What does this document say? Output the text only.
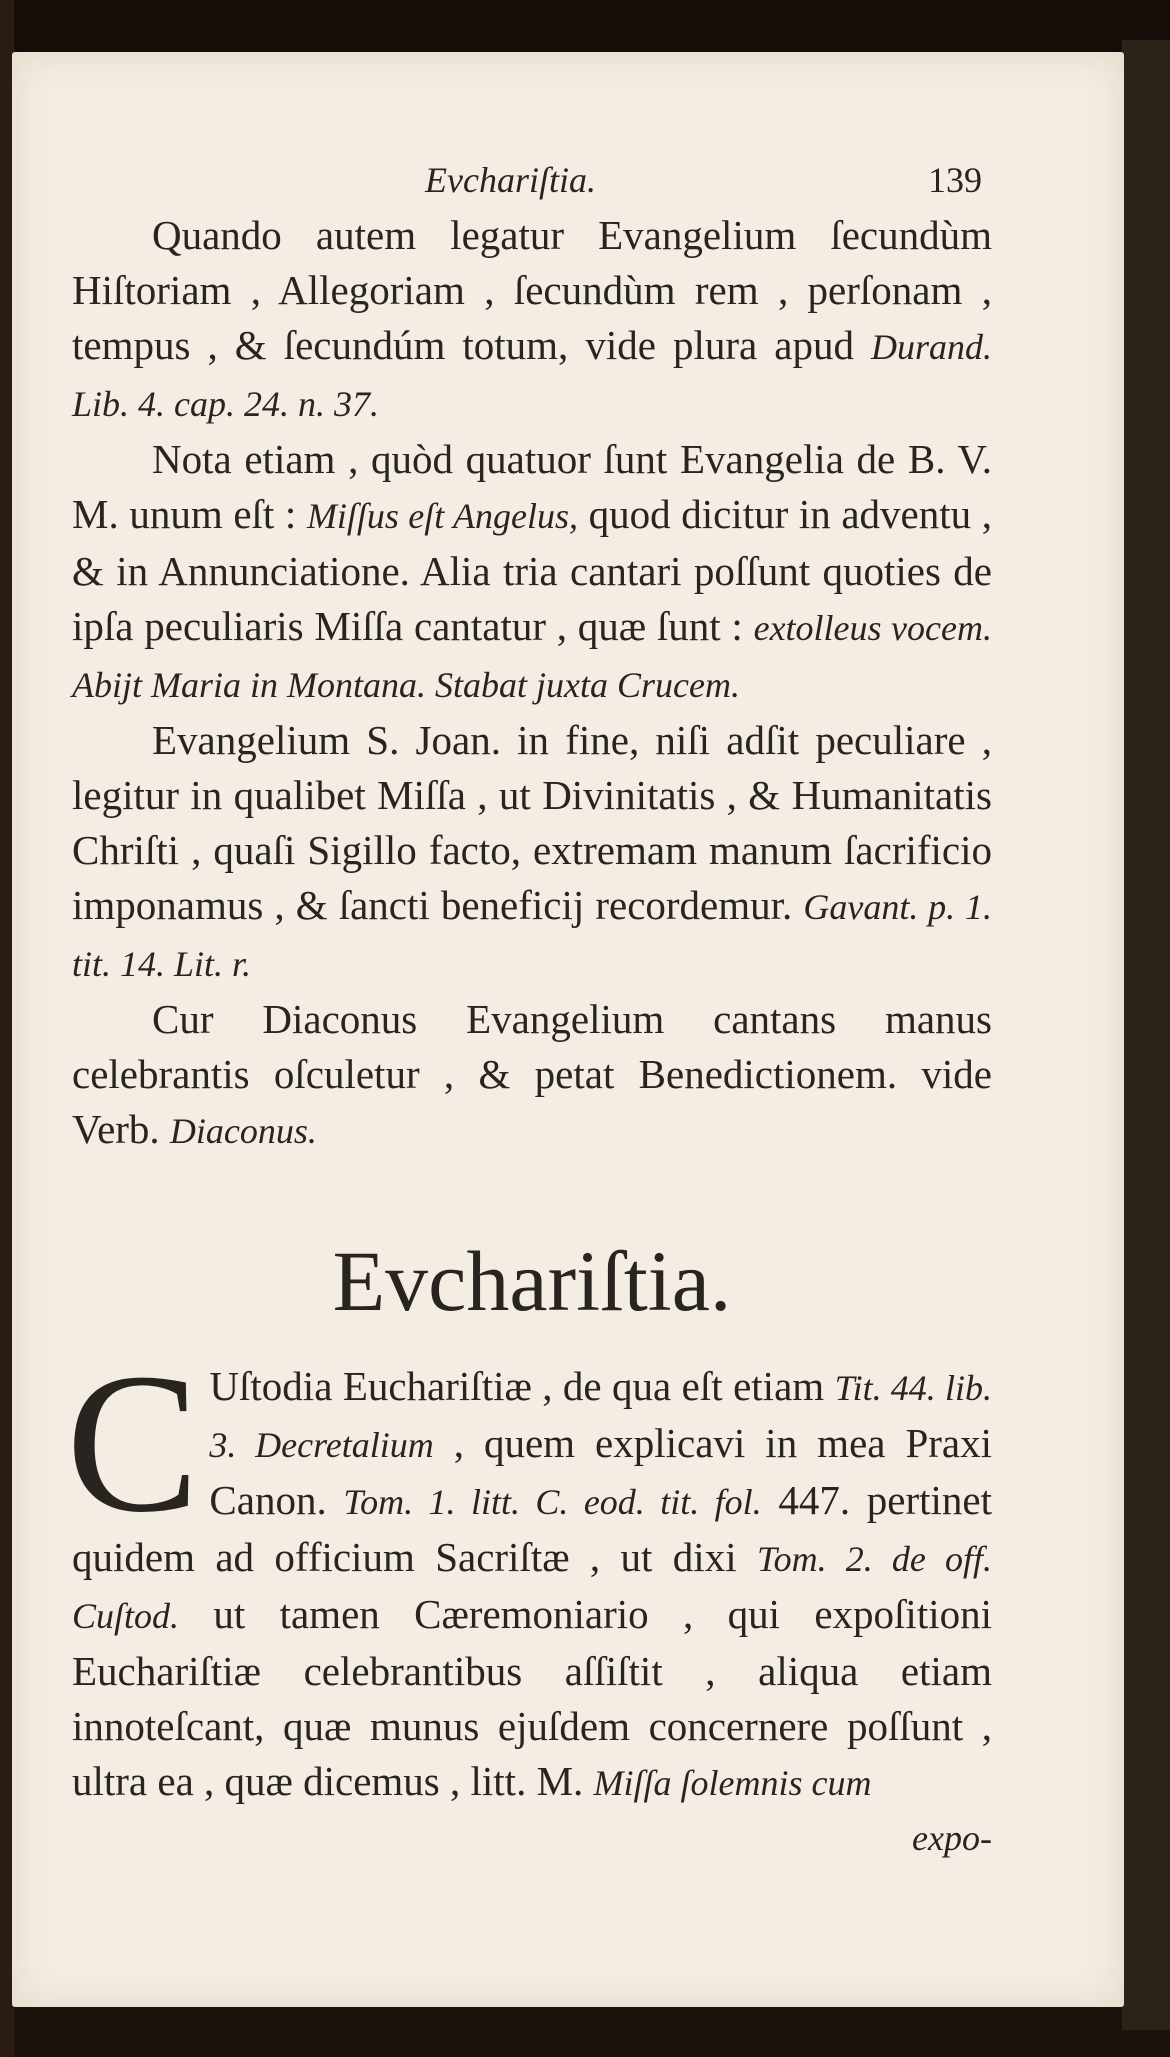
Evchariſtia.	139

Quando autem legatur Evangelium ſecundùm Hiſtoriam , Allegoriam , ſecundùm rem , perſonam , tempus , & ſecundúm totum, vide plura apud Durand. Lib. 4. cap. 24. n. 37.

Nota etiam , quòd quatuor ſunt Evangelia de B. V. M. unum eſt : Miſſus eſt Angelus, quod dicitur in adventu , & in Annunciatione. Alia tria cantari poſſunt quoties de ipſa peculiaris Miſſa cantatur , quæ ſunt : extolleus vocem. Abijt Maria in Montana. Stabat juxta Crucem.

Evangelium S. Joan. in fine, niſi adſit peculiare , legitur in qualibet Miſſa , ut Divinitatis , & Humanitatis Chriſti , quaſi Sigillo facto, extremam manum ſacrificio imponamus , & ſancti beneficij recordemur. Gavant. p. 1. tit. 14. Lit. r.

Cur Diaconus Evangelium cantans manus celebrantis oſculetur , & petat Benedictionem. vide Verb. Diaconus.

Evchariſtia.

C Uſtodia Euchariſtiæ , de qua eſt etiam Tit. 44. lib. 3. Decretalium , quem explicavi in mea Praxi Canon. Tom. 1. litt. C. eod. tit. fol. 447. pertinet quidem ad officium Sacriſtæ , ut dixi Tom. 2. de off. Cuſtod. ut tamen Cæremoniario , qui expoſitioni Euchariſtiæ celebrantibus aſſiſtit , aliqua etiam innoteſcant, quæ munus ejuſdem concernere poſſunt , ultra ea , quæ dicemus , litt. M. Miſſa ſolemnis cum

expo-
